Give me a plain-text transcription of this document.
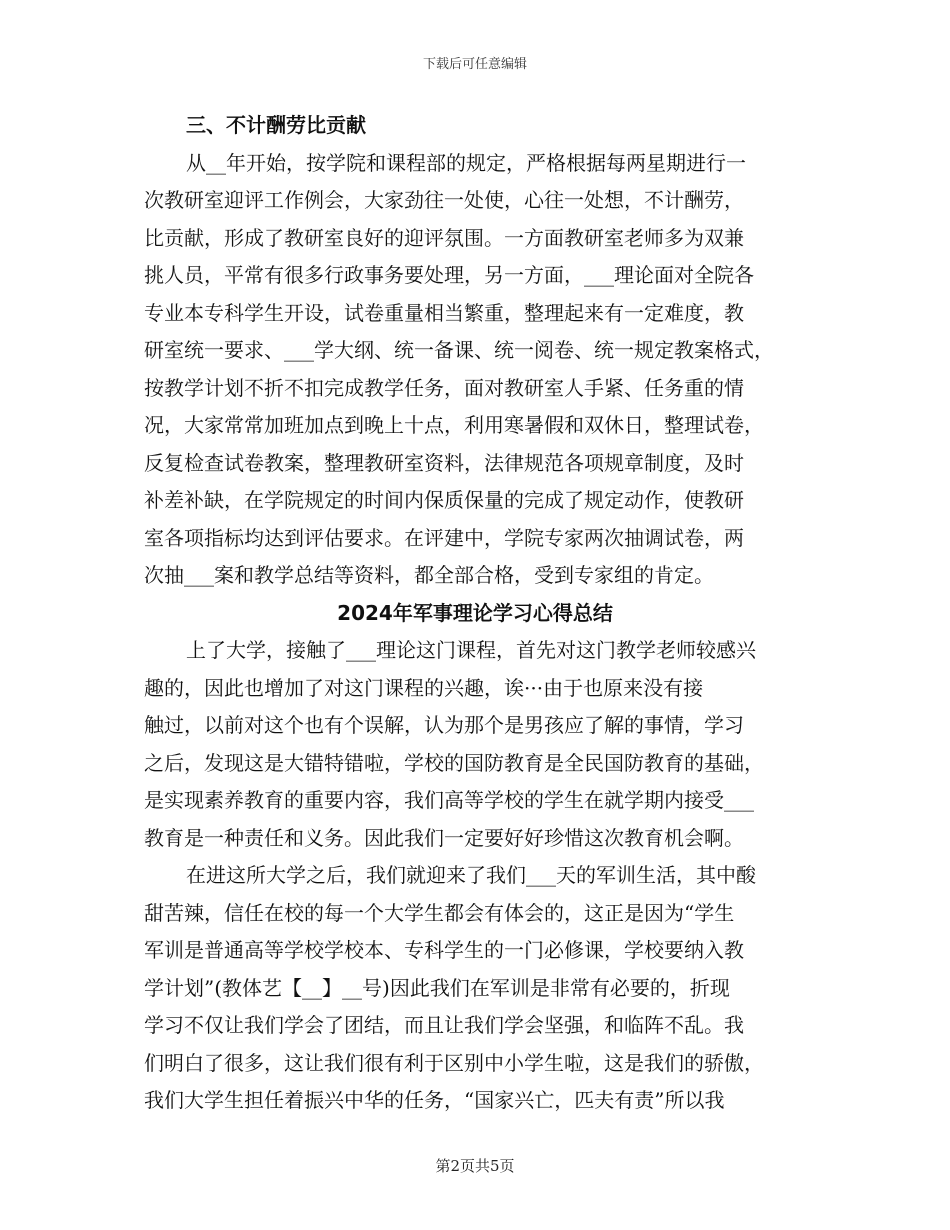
下载后可任意编辑
三、不计酬劳比贡献
从__年开始，按学院和课程部的规定，严格根据每两星期进行一
次教研室迎评工作例会，大家劲往一处使，心往一处想，不计酬劳，
比贡献，形成了教研室良好的迎评氛围。一方面教研室老师多为双兼
挑人员，平常有很多行政事务要处理，另一方面，___理论面对全院各
专业本专科学生开设，试卷重量相当繁重，整理起来有一定难度，教
研室统一要求、___学大纲、统一备课、统一阅卷、统一规定教案格式，
按教学计划不折不扣完成教学任务，面对教研室人手紧、任务重的情
况，大家常常加班加点到晚上十点，利用寒暑假和双休日，整理试卷，
反复检查试卷教案，整理教研室资料，法律规范各项规章制度，及时
补差补缺，在学院规定的时间内保质保量的完成了规定动作，使教研
室各项指标均达到评估要求。在评建中，学院专家两次抽调试卷，两
次抽___案和教学总结等资料，都全部合格，受到专家组的肯定。
2024年军事理论学习心得总结
上了大学，接触了___理论这门课程，首先对这门教学老师较感兴
趣的，因此也增加了对这门课程的兴趣，诶···由于也原来没有接
触过，以前对这个也有个误解，认为那个是男孩应了解的事情，学习
之后，发现这是大错特错啦，学校的国防教育是全民国防教育的基础，
是实现素养教育的重要内容，我们高等学校的学生在就学期内接受___
教育是一种责任和义务。因此我们一定要好好珍惜这次教育机会啊。
在进这所大学之后，我们就迎来了我们___天的军训生活，其中酸
甜苦辣，信任在校的每一个大学生都会有体会的，这正是因为“学生
军训是普通高等学校学校本、专科学生的一门必修课，学校要纳入教
学计划”(教体艺【__】__号)因此我们在军训是非常有必要的，折现
学习不仅让我们学会了团结，而且让我们学会坚强，和临阵不乱。我
们明白了很多，这让我们很有利于区别中小学生啦，这是我们的骄傲，
我们大学生担任着振兴中华的任务，“国家兴亡，匹夫有责”所以我
第2页共5页
